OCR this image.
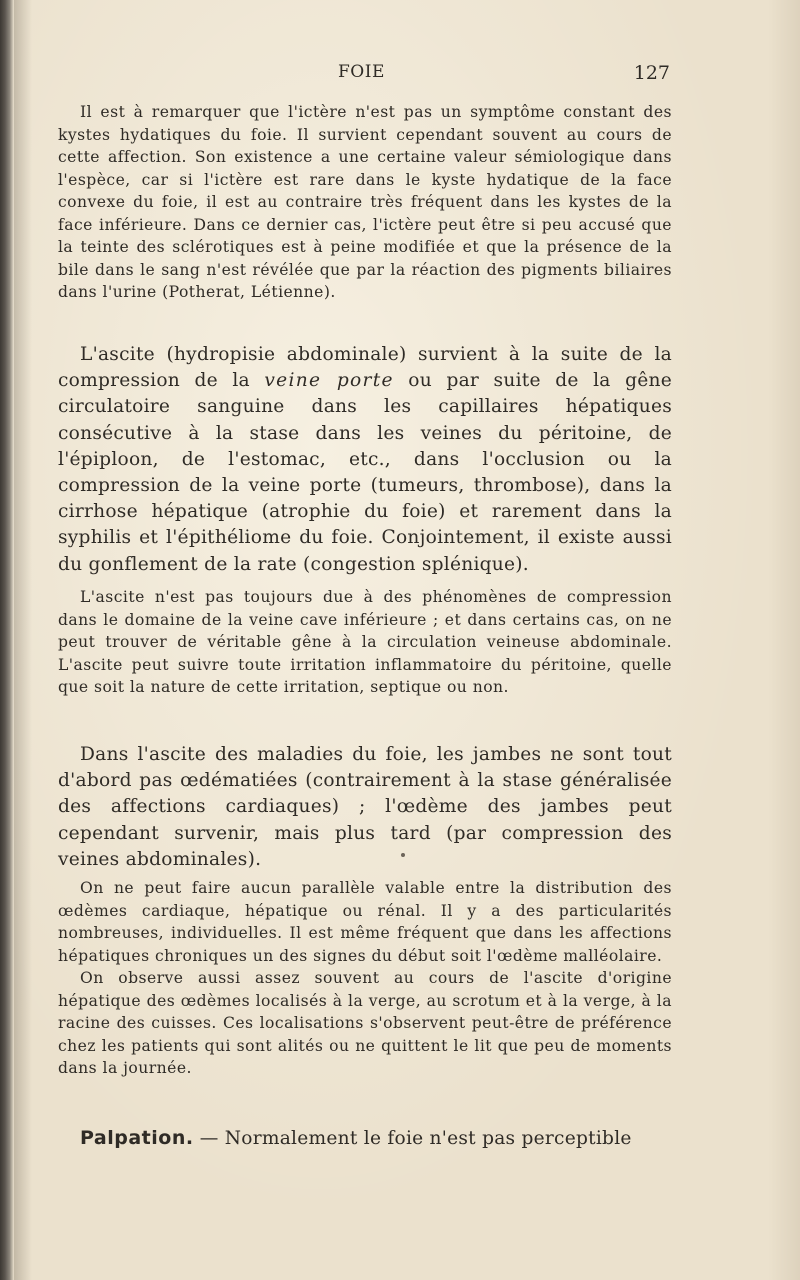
FOIE	127

Il est à remarquer que l'ictère n'est pas un symptôme constant des kystes hydatiques du foie. Il survient cependant souvent au cours de cette affection. Son existence a une certaine valeur sémiologique dans l'espèce, car si l'ictère est rare dans le kyste hydatique de la face convexe du foie, il est au contraire très fréquent dans les kystes de la face inférieure. Dans ce dernier cas, l'ictère peut être si peu accusé que la teinte des sclérotiques est à peine modifiée et que la présence de la bile dans le sang n'est révélée que par la réaction des pigments biliaires dans l'urine (Potherat, Létienne).

L'ascite (hydropisie abdominale) survient à la suite de la compression de la veine porte ou par suite de la gêne circulatoire sanguine dans les capillaires hépatiques consécutive à la stase dans les veines du péritoine, de l'épiploon, de l'estomac, etc., dans l'occlusion ou la compression de la veine porte (tumeurs, thrombose), dans la cirrhose hépatique (atrophie du foie) et rarement dans la syphilis et l'épithéliome du foie. Conjointement, il existe aussi du gonflement de la rate (congestion splénique).

L'ascite n'est pas toujours due à des phénomènes de compression dans le domaine de la veine cave inférieure ; et dans certains cas, on ne peut trouver de véritable gêne à la circulation veineuse abdominale. L'ascite peut suivre toute irritation inflammatoire du péritoine, quelle que soit la nature de cette irritation, septique ou non.

Dans l'ascite des maladies du foie, les jambes ne sont tout d'abord pas œdématiées (contrairement à la stase généralisée des affections cardiaques) ; l'œdème des jambes peut cependant survenir, mais plus tard (par compression des veines abdominales).

On ne peut faire aucun parallèle valable entre la distribution des œdèmes cardiaque, hépatique ou rénal. Il y a des particularités nombreuses, individuelles. Il est même fréquent que dans les affections hépatiques chroniques un des signes du début soit l'œdème malléolaire.

On observe aussi assez souvent au cours de l'ascite d'origine hépatique des œdèmes localisés à la verge, au scrotum et à la verge, à la racine des cuisses. Ces localisations s'observent peut-être de préférence chez les patients qui sont alités ou ne quittent le lit que peu de moments dans la journée.

Palpation. — Normalement le foie n'est pas perceptible
